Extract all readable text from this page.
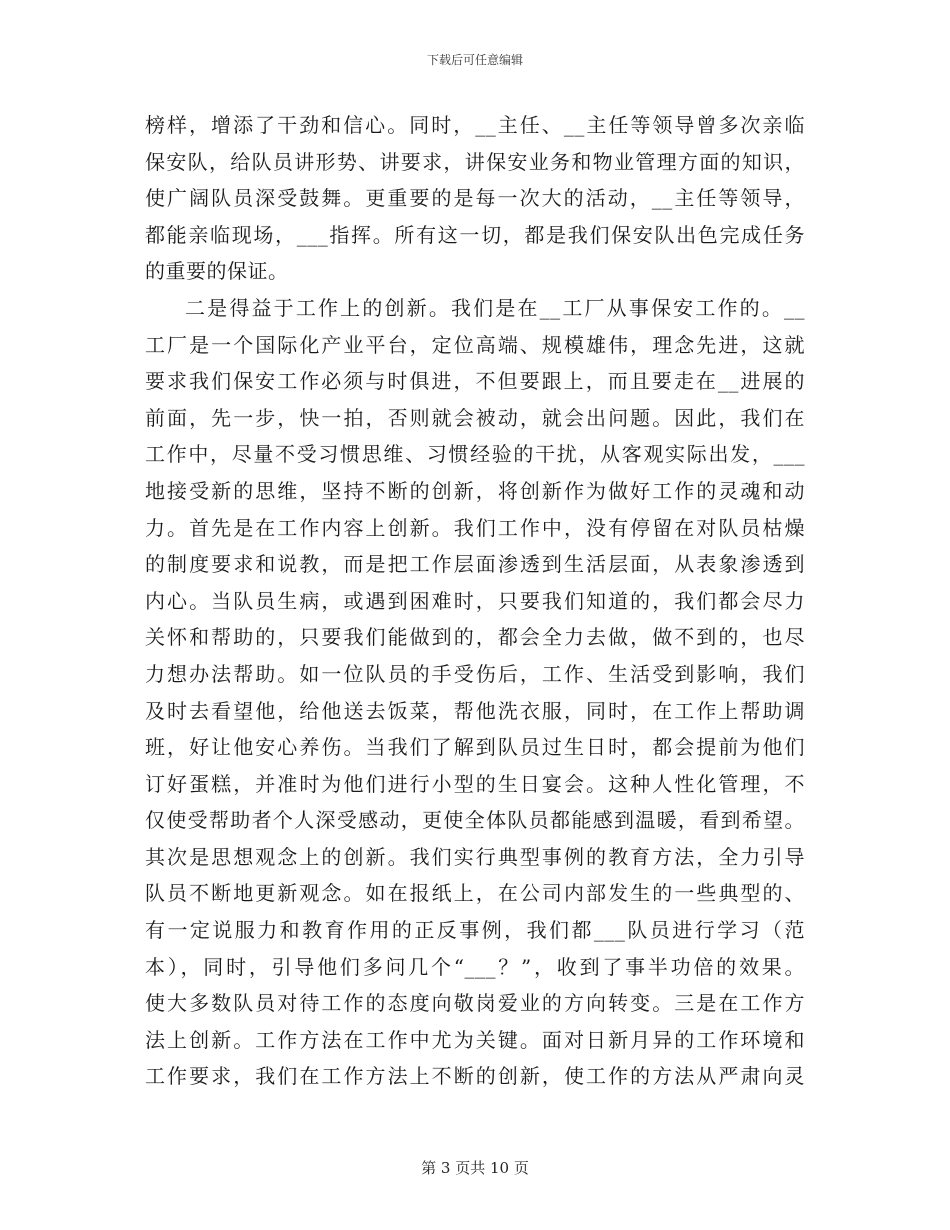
下载后可任意编辑
榜样，增添了干劲和信心。同时，__主任、__主任等领导曾多次亲临
保安队，给队员讲形势、讲要求，讲保安业务和物业管理方面的知识，
使广阔队员深受鼓舞。更重要的是每一次大的活动，__主任等领导，
都能亲临现场，___指挥。所有这一切，都是我们保安队出色完成任务
的重要的保证。
二是得益于工作上的创新。我们是在__工厂从事保安工作的。__
工厂是一个国际化产业平台，定位高端、规模雄伟，理念先进，这就
要求我们保安工作必须与时俱进，不但要跟上，而且要走在__进展的
前面，先一步，快一拍，否则就会被动，就会出问题。因此，我们在
工作中，尽量不受习惯思维、习惯经验的干扰，从客观实际出发，___
地接受新的思维，坚持不断的创新，将创新作为做好工作的灵魂和动
力。首先是在工作内容上创新。我们工作中，没有停留在对队员枯燥
的制度要求和说教，而是把工作层面渗透到生活层面，从表象渗透到
内心。当队员生病，或遇到困难时，只要我们知道的，我们都会尽力
关怀和帮助的，只要我们能做到的，都会全力去做，做不到的，也尽
力想办法帮助。如一位队员的手受伤后，工作、生活受到影响，我们
及时去看望他，给他送去饭菜，帮他洗衣服，同时，在工作上帮助调
班，好让他安心养伤。当我们了解到队员过生日时，都会提前为他们
订好蛋糕，并准时为他们进行小型的生日宴会。这种人性化管理，不
仅使受帮助者个人深受感动，更使全体队员都能感到温暖，看到希望。
其次是思想观念上的创新。我们实行典型事例的教育方法，全力引导
队员不断地更新观念。如在报纸上，在公司内部发生的一些典型的、
有一定说服力和教育作用的正反事例，我们都___队员进行学习（范
本），同时，引导他们多问几个“___？”，收到了事半功倍的效果。
使大多数队员对待工作的态度向敬岗爱业的方向转变。三是在工作方
法上创新。工作方法在工作中尤为关键。面对日新月异的工作环境和
工作要求，我们在工作方法上不断的创新，使工作的方法从严肃向灵
第 3 页共 10 页
